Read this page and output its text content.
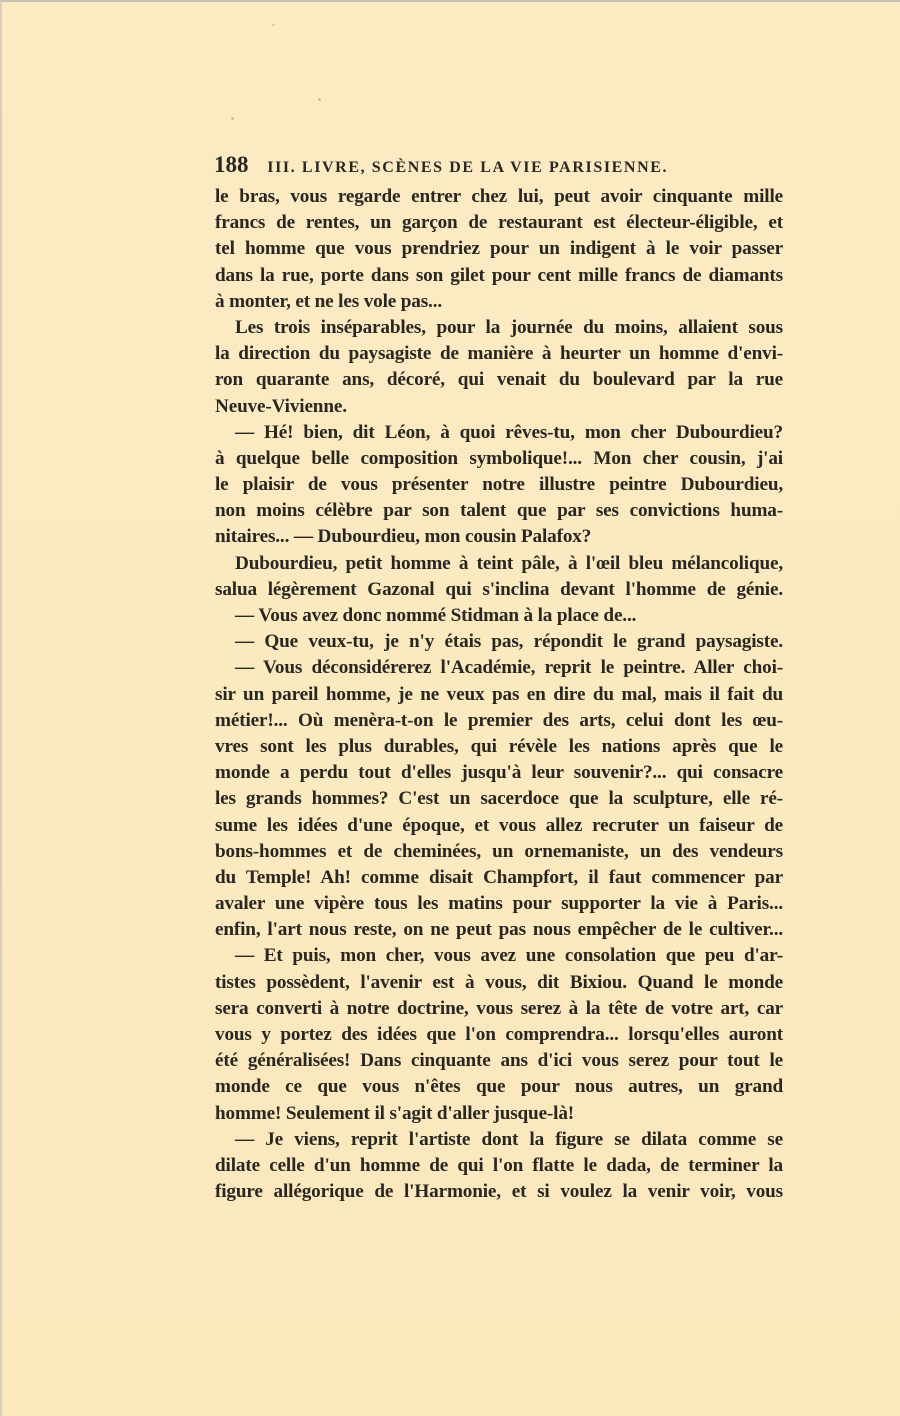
188 III. LIVRE, SCÈNES DE LA VIE PARISIENNE.
le bras, vous regarde entrer chez lui, peut avoir cinquante mille
francs de rentes, un garçon de restaurant est électeur-éligible, et
tel homme que vous prendriez pour un indigent à le voir passer
dans la rue, porte dans son gilet pour cent mille francs de diamants
à monter, et ne les vole pas...
Les trois inséparables, pour la journée du moins, allaient sous
la direction du paysagiste de manière à heurter un homme d'envi-
ron quarante ans, décoré, qui venait du boulevard par la rue
Neuve-Vivienne.
— Hé! bien, dit Léon, à quoi rêves-tu, mon cher Dubourdieu?
à quelque belle composition symbolique!... Mon cher cousin, j'ai
le plaisir de vous présenter notre illustre peintre Dubourdieu,
non moins célèbre par son talent que par ses convictions huma-
nitaires... — Dubourdieu, mon cousin Palafox?
Dubourdieu, petit homme à teint pâle, à l'œil bleu mélancolique,
salua légèrement Gazonal qui s'inclina devant l'homme de génie.
— Vous avez donc nommé Stidman à la place de...
— Que veux-tu, je n'y étais pas, répondit le grand paysagiste.
— Vous déconsidérerez l'Académie, reprit le peintre. Aller choi-
sir un pareil homme, je ne veux pas en dire du mal, mais il fait du
métier!... Où menèra-t-on le premier des arts, celui dont les œu-
vres sont les plus durables, qui révèle les nations après que le
monde a perdu tout d'elles jusqu'à leur souvenir?... qui consacre
les grands hommes? C'est un sacerdoce que la sculpture, elle ré-
sume les idées d'une époque, et vous allez recruter un faiseur de
bons-hommes et de cheminées, un ornemaniste, un des vendeurs
du Temple! Ah! comme disait Champfort, il faut commencer par
avaler une vipère tous les matins pour supporter la vie à Paris...
enfin, l'art nous reste, on ne peut pas nous empêcher de le cultiver...
— Et puis, mon cher, vous avez une consolation que peu d'ar-
tistes possèdent, l'avenir est à vous, dit Bixiou. Quand le monde
sera converti à notre doctrine, vous serez à la tête de votre art, car
vous y portez des idées que l'on comprendra... lorsqu'elles auront
été généralisées! Dans cinquante ans d'ici vous serez pour tout le
monde ce que vous n'êtes que pour nous autres, un grand
homme! Seulement il s'agit d'aller jusque-là!
— Je viens, reprit l'artiste dont la figure se dilata comme se
dilate celle d'un homme de qui l'on flatte le dada, de terminer la
figure allégorique de l'Harmonie, et si voulez la venir voir, vous
